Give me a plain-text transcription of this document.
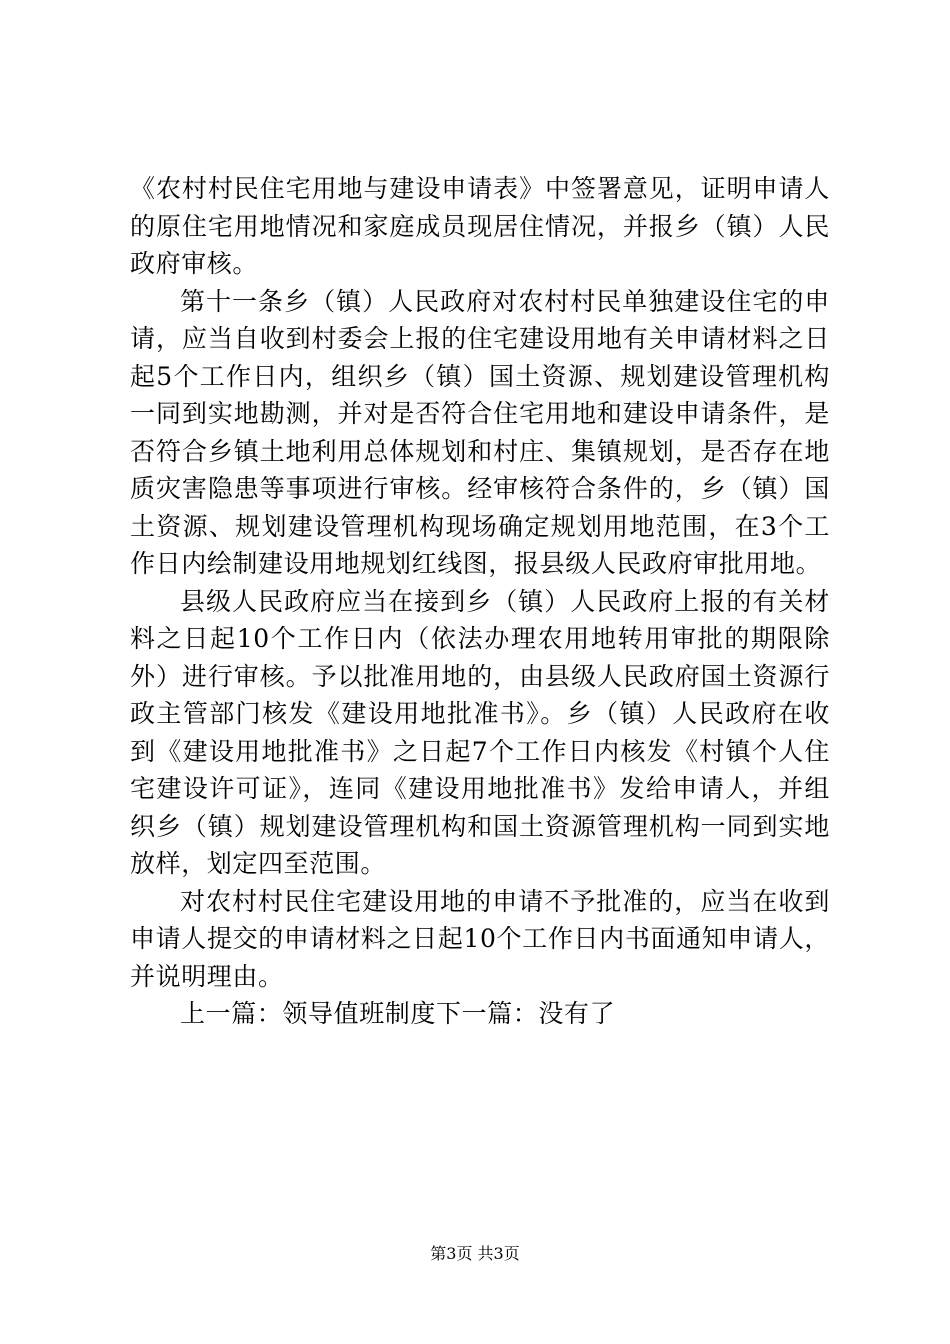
《农村村民住宅用地与建设申请表》中签署意见，证明申请人的原住宅用地情况和家庭成员现居住情况，并报乡（镇）人民政府审核。

第十一条乡（镇）人民政府对农村村民单独建设住宅的申请，应当自收到村委会上报的住宅建设用地有关申请材料之日起5个工作日内，组织乡（镇）国土资源、规划建设管理机构一同到实地勘测，并对是否符合住宅用地和建设申请条件，是否符合乡镇土地利用总体规划和村庄、集镇规划，是否存在地质灾害隐患等事项进行审核。经审核符合条件的，乡（镇）国土资源、规划建设管理机构现场确定规划用地范围，在3个工作日内绘制建设用地规划红线图，报县级人民政府审批用地。

县级人民政府应当在接到乡（镇）人民政府上报的有关材料之日起10个工作日内（依法办理农用地转用审批的期限除外）进行审核。予以批准用地的，由县级人民政府国土资源行政主管部门核发《建设用地批准书》。乡（镇）人民政府在收到《建设用地批准书》之日起7个工作日内核发《村镇个人住宅建设许可证》，连同《建设用地批准书》发给申请人，并组织乡（镇）规划建设管理机构和国土资源管理机构一同到实地放样，划定四至范围。

对农村村民住宅建设用地的申请不予批准的，应当在收到申请人提交的申请材料之日起10个工作日内书面通知申请人，并说明理由。

上一篇：领导值班制度下一篇：没有了

第3页 共3页
